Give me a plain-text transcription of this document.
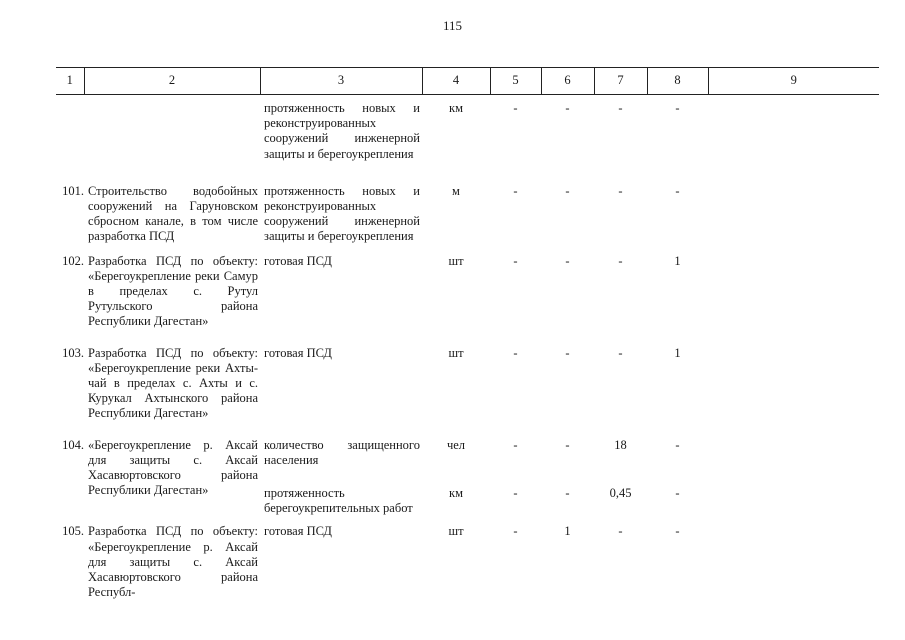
115
1	2	3	4	5	6	7	8	9
		протяженность новых и реконструированных сооружений инженерной защиты и берегоукрепления	км	-	-	-	-	

101.	Строительство водобойных сооружений на Гаруновском сбросном канале, в том числе разработка ПСД	протяженность новых и реконструированных сооружений инженерной защиты и берегоукрепления	м	-	-	-	-	

102.	Разработка ПСД по объекту: «Берегоукрепление реки Самур в пределах с. Рутул Рутульского района Республики Дагестан»	готовая ПСД	шт	-	-	-	1	

103.	Разработка ПСД по объекту: «Берегоукрепление реки Ахты-чай в пределах с. Ахты и с. Курукал Ахтынского района Республики Дагестан»	готовая ПСД	шт	-	-	-	1	

104.	«Берегоукрепление р. Аксай для защиты с. Аксай Хасавюртовского района Республики Дагестан»	количество защищенного населения	чел	-	-	18	-	
		протяженность берегоукрепительных работ	км	-	-	0,45	-	

105.	Разработка ПСД по объекту: «Берегоукрепление р. Аксай для защиты с. Аксай Хасавюртовского района Республ-	готовая ПСД	шт	-	1	-	-	
